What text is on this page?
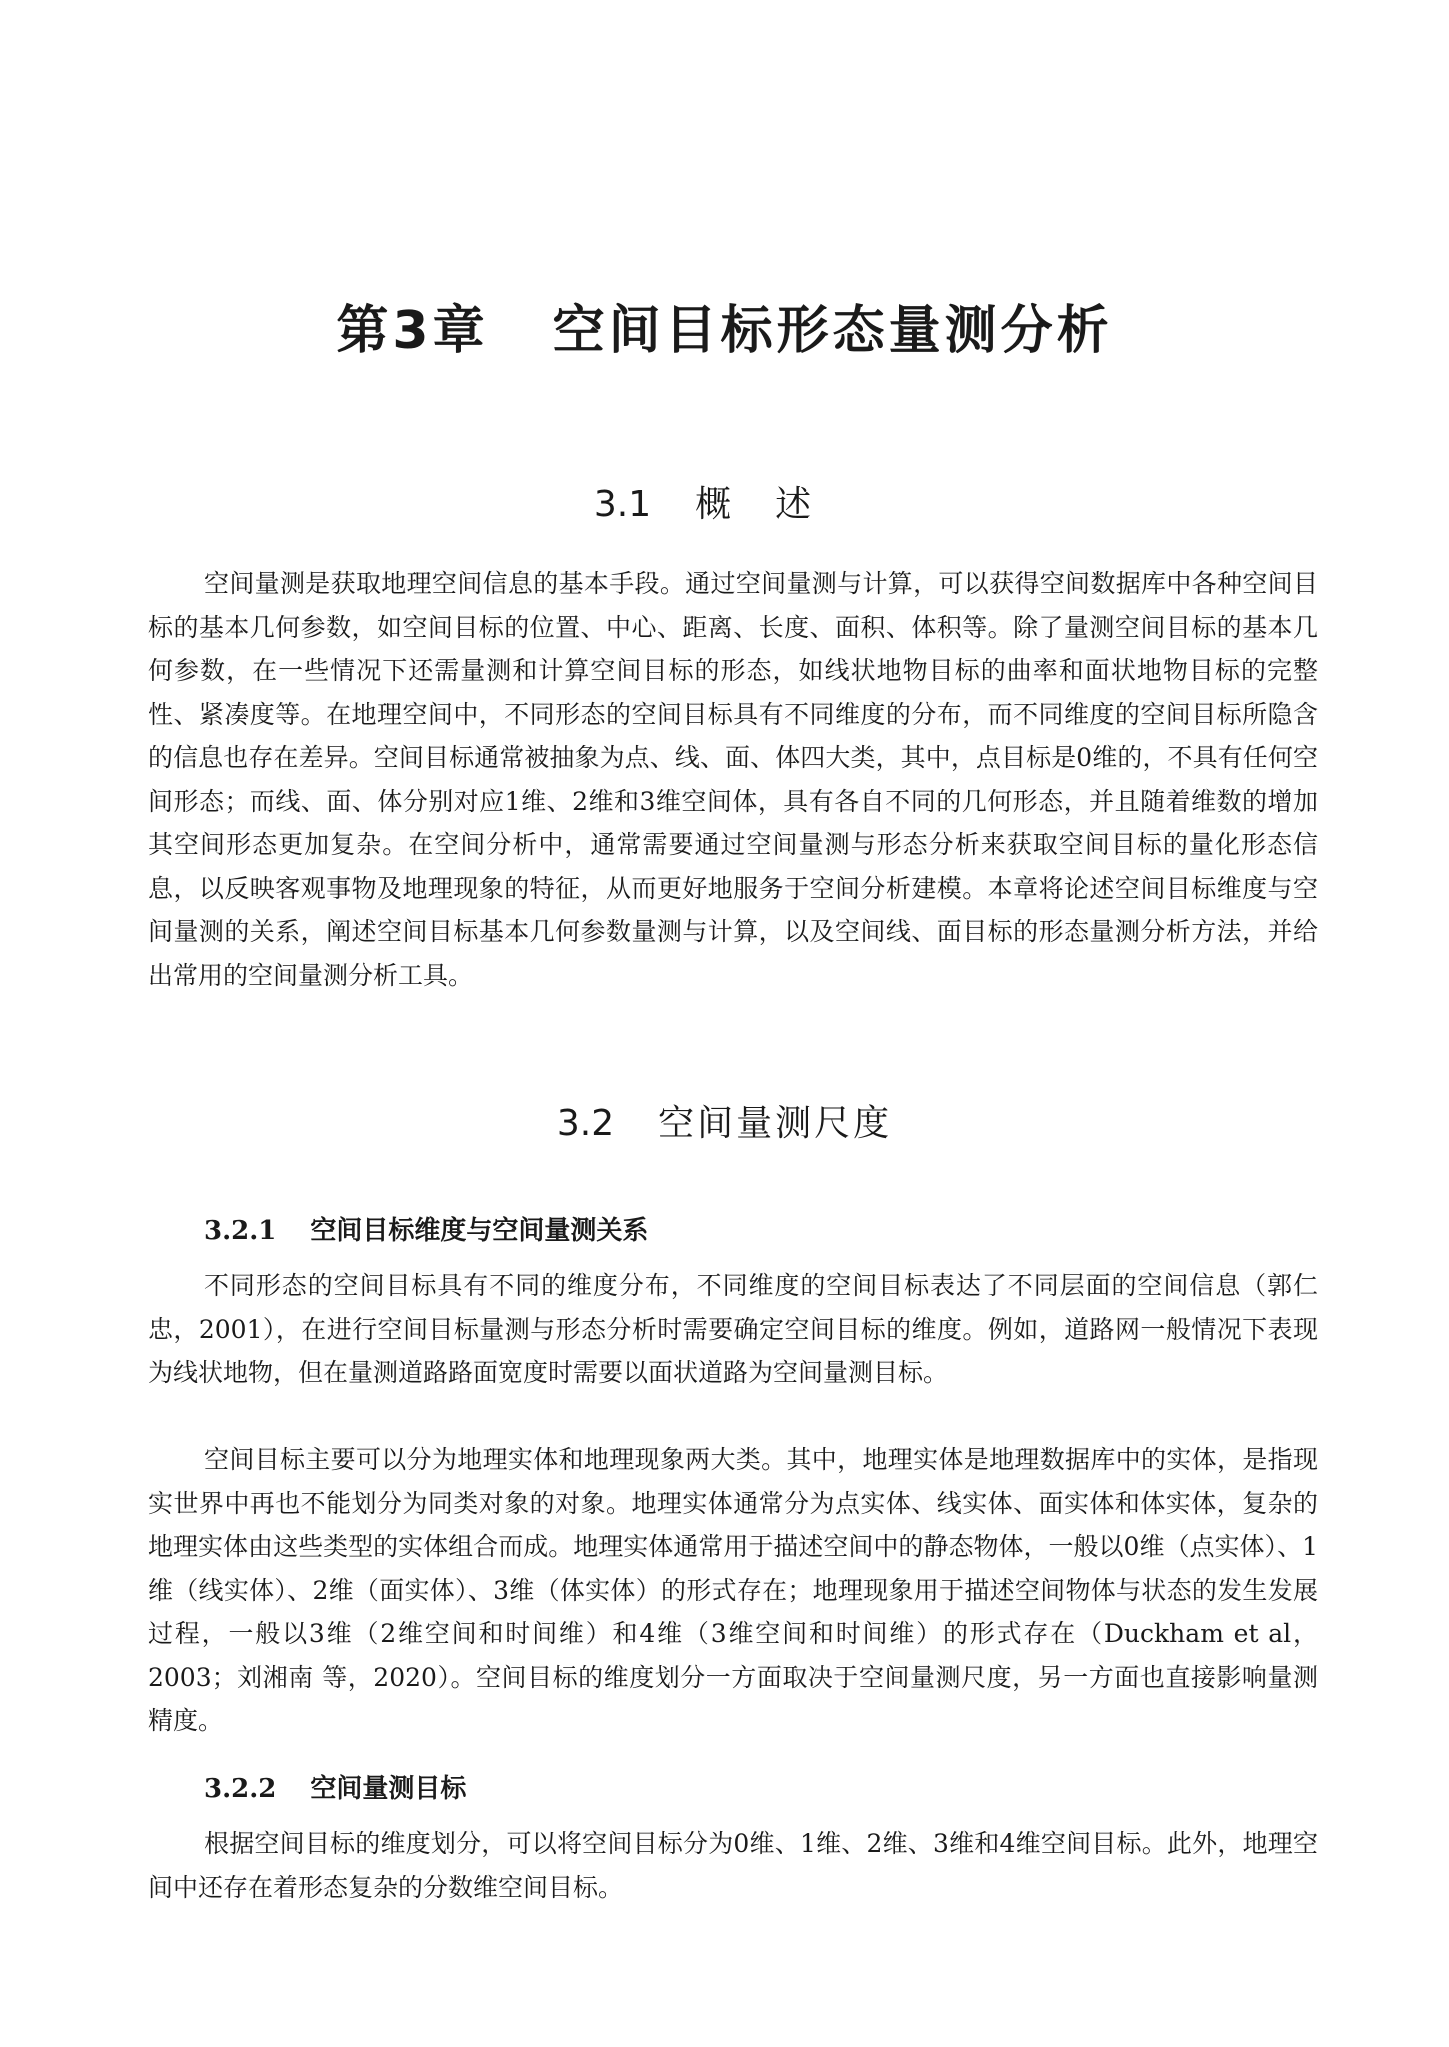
第3章 空间目标形态量测分析
3.1 概述

空间量测是获取地理空间信息的基本手段。通过空间量测与计算，可以获得空间数据库中各种空间目标的基本几何参数，如空间目标的位置、中心、距离、长度、面积、体积等。除了量测空间目标的基本几何参数，在一些情况下还需量测和计算空间目标的形态，如线状地物目标的曲率和面状地物目标的完整性、紧凑度等。在地理空间中，不同形态的空间目标具有不同维度的分布，而不同维度的空间目标所隐含的信息也存在差异。空间目标通常被抽象为点、线、面、体四大类，其中，点目标是0维的，不具有任何空间形态；而线、面、体分别对应1维、2维和3维空间体，具有各自不同的几何形态，并且随着维数的增加其空间形态更加复杂。在空间分析中，通常需要通过空间量测与形态分析来获取空间目标的量化形态信息，以反映客观事物及地理现象的特征，从而更好地服务于空间分析建模。本章将论述空间目标维度与空间量测的关系，阐述空间目标基本几何参数量测与计算，以及空间线、面目标的形态量测分析方法，并给出常用的空间量测分析工具。

3.2 空间量测尺度
3.2.1 空间目标维度与空间量测关系

不同形态的空间目标具有不同的维度分布，不同维度的空间目标表达了不同层面的空间信息（郭仁忠，2001），在进行空间目标量测与形态分析时需要确定空间目标的维度。例如，道路网一般情况下表现为线状地物，但在量测道路路面宽度时需要以面状道路为空间量测目标。

空间目标主要可以分为地理实体和地理现象两大类。其中，地理实体是地理数据库中的实体，是指现实世界中再也不能划分为同类对象的对象。地理实体通常分为点实体、线实体、面实体和体实体，复杂的地理实体由这些类型的实体组合而成。地理实体通常用于描述空间中的静态物体，一般以0维（点实体）、1维（线实体）、2维（面实体）、3维（体实体）的形式存在；地理现象用于描述空间物体与状态的发生发展过程，一般以3维（2维空间和时间维）和4维（3维空间和时间维）的形式存在（Duckham et al，2003；刘湘南 等，2020）。空间目标的维度划分一方面取决于空间量测尺度，另一方面也直接影响量测精度。

3.2.2 空间量测目标

根据空间目标的维度划分，可以将空间目标分为0维、1维、2维、3维和4维空间目标。此外，地理空间中还存在着形态复杂的分数维空间目标。
